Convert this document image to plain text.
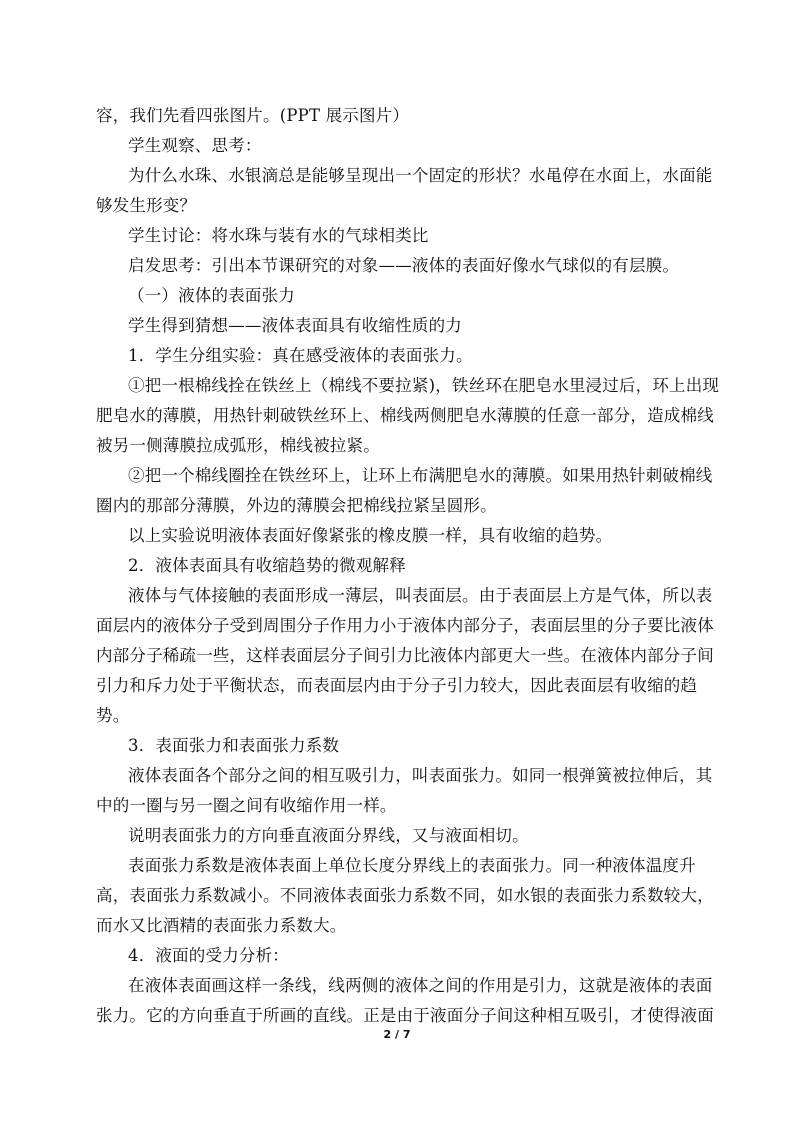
容，我们先看四张图片。(PPT 展示图片）
学生观察、思考：
为什么水珠、水银滴总是能够呈现出一个固定的形状？水黾停在水面上，水面能
够发生形变？
学生讨论：将水珠与装有水的气球相类比
启发思考：引出本节课研究的对象——液体的表面好像水气球似的有层膜。
（一）液体的表面张力
学生得到猜想——液体表面具有收缩性质的力
1．学生分组实验：真在感受液体的表面张力。
①把一根棉线拴在铁丝上（棉线不要拉紧)，铁丝环在肥皂水里浸过后，环上出现
肥皂水的薄膜，用热针刺破铁丝环上、棉线两侧肥皂水薄膜的任意一部分，造成棉线
被另一侧薄膜拉成弧形，棉线被拉紧。
②把一个棉线圈拴在铁丝环上，让环上布满肥皂水的薄膜。如果用热针刺破棉线
圈内的那部分薄膜，外边的薄膜会把棉线拉紧呈圆形。
以上实验说明液体表面好像紧张的橡皮膜一样，具有收缩的趋势。
2．液体表面具有收缩趋势的微观解释
液体与气体接触的表面形成一薄层，叫表面层。由于表面层上方是气体，所以表
面层内的液体分子受到周围分子作用力小于液体内部分子，表面层里的分子要比液体
内部分子稀疏一些，这样表面层分子间引力比液体内部更大一些。在液体内部分子间
引力和斥力处于平衡状态，而表面层内由于分子引力较大，因此表面层有收缩的趋
势。
3．表面张力和表面张力系数
液体表面各个部分之间的相互吸引力，叫表面张力。如同一根弹簧被拉伸后，其
中的一圈与另一圈之间有收缩作用一样。
说明表面张力的方向垂直液面分界线，又与液面相切。
表面张力系数是液体表面上单位长度分界线上的表面张力。同一种液体温度升
高，表面张力系数减小。不同液体表面张力系数不同，如水银的表面张力系数较大，
而水又比酒精的表面张力系数大。
4．液面的受力分析：
在液体表面画这样一条线，线两侧的液体之间的作用是引力，这就是液体的表面
张力。它的方向垂直于所画的直线。正是由于液面分子间这种相互吸引，才使得液面
2 / 7
